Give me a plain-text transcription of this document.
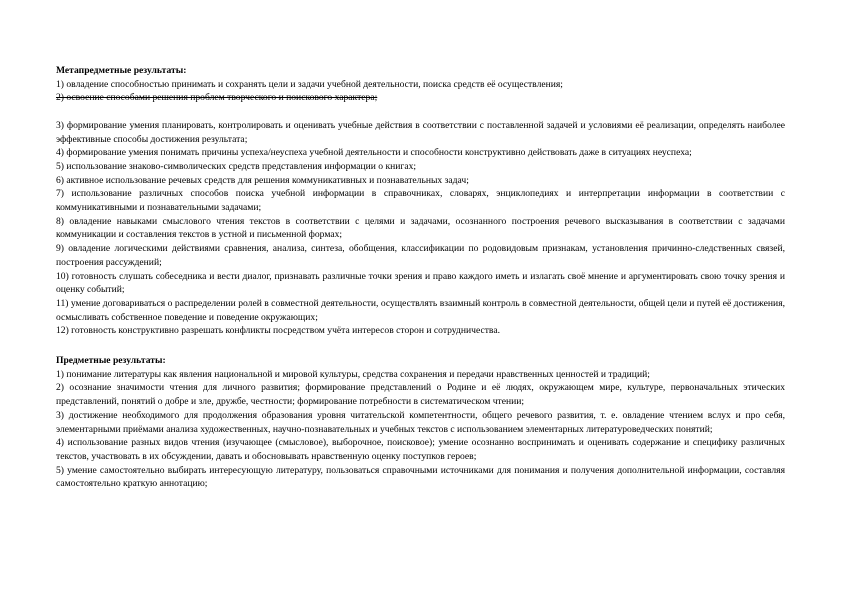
Метапредметные результаты:

1) овладение способностью принимать и сохранять цели и задачи учебной деятельности, поиска средств её осуществления;

2) освоение способами решения проблем творческого и поискового характера;

3) формирование умения планировать, контролировать и оценивать учебные действия в соответствии с поставленной задачей и условиями её реализации, определять наиболее эффективные способы достижения результата;

4) формирование умения понимать причины успеха/неуспеха учебной деятельности и способности конструктивно действовать даже в ситуациях неуспеха;

5) использование знаково-символических средств представления информации о книгах;

6) активное использование речевых средств для решения коммуникативных и познавательных задач;

7) использование различных способов поиска учебной информации в справочниках, словарях, энциклопедиях и интерпретации информации в соответствии с коммуникативными и познавательными задачами;

8) овладение навыками смыслового чтения текстов в соответствии с целями и задачами, осознанного построения речевого высказывания в соответствии с задачами коммуникации и составления текстов в устной и письменной формах;

9) овладение логическими действиями сравнения, анализа, синтеза, обобщения, классификации по родовидовым признакам, установления причинно-следственных связей, построения рассуждений;

10) готовность слушать собеседника и вести диалог, признавать различные точки зрения и право каждого иметь и излагать своё мнение и аргументировать свою точку зрения и оценку событий;

11) умение договариваться о распределении ролей в совместной деятельности, осуществлять взаимный контроль в совместной деятельности, общей цели и путей её достижения, осмысливать собственное поведение и поведение окружающих;

12) готовность конструктивно разрешать конфликты посредством учёта интересов сторон и сотрудничества.

Предметные результаты:

1) понимание литературы как явления национальной и мировой культуры, средства сохранения и передачи нравственных ценностей и традиций;

2) осознание значимости чтения для личного развития; формирование представлений о Родине и её людях, окружающем мире, культуре, первоначальных этических представлений, понятий о добре и зле, дружбе, честности; формирование потребности в систематическом чтении;

3) достижение необходимого для продолжения образования уровня читательской компетентности, общего речевого развития, т. е. овладение чтением вслух и про себя, элементарными приёмами анализа художественных, научно-познавательных и учебных текстов с использованием элементарных литературоведческих понятий;

4) использование разных видов чтения (изучающее (смысловое), выборочное, поисковое); умение осознанно воспринимать и оценивать содержание и специфику различных текстов, участвовать в их обсуждении, давать и обосновывать нравственную оценку поступков героев;

5) умение самостоятельно выбирать интересующую литературу, пользоваться справочными источниками для понимания и получения дополнительной информации, составляя самостоятельно краткую аннотацию;
